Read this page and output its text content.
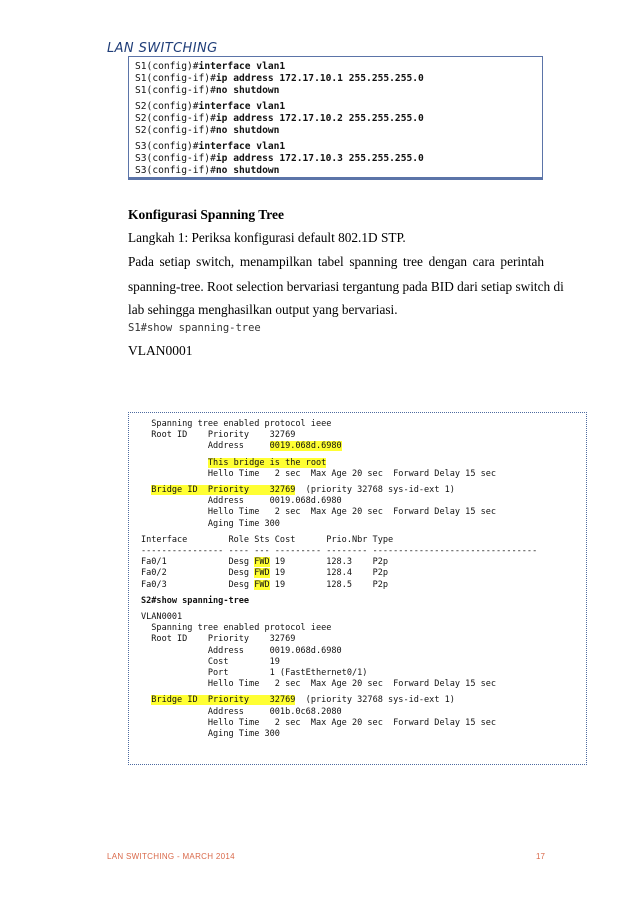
LAN SWITCHING
S1(config)#interface vlan1
S1(config-if)#ip address 172.17.10.1 255.255.255.0
S1(config-if)#no shutdown
S2(config)#interface vlan1
S2(config-if)#ip address 172.17.10.2 255.255.255.0
S2(config-if)#no shutdown
S3(config)#interface vlan1
S3(config-if)#ip address 172.17.10.3 255.255.255.0
S3(config-if)#no shutdown
Konfigurasi Spanning Tree
Langkah 1: Periksa konfigurasi default 802.1D STP.
Pada setiap switch, menampilkan tabel spanning tree dengan cara perintah
spanning-tree. Root selection bervariasi tergantung pada BID dari setiap switch di
lab sehingga menghasilkan output yang bervariasi.
S1#show spanning-tree
VLAN0001
Spanning tree enabled protocol ieee
Root ID    Priority    32769
Address     0019.068d.6980
This bridge is the root
Hello Time   2 sec  Max Age 20 sec  Forward Delay 15 sec
Bridge ID  Priority    32769  (priority 32768 sys-id-ext 1)
Address     0019.068d.6980
Hello Time   2 sec  Max Age 20 sec  Forward Delay 15 sec
Aging Time 300
Interface        Role Sts Cost      Prio.Nbr Type
---------------- ---- --- --------- -------- --------------------------------
Fa0/1            Desg FWD 19        128.3    P2p
Fa0/2            Desg FWD 19        128.4    P2p
Fa0/3            Desg FWD 19        128.5    P2p
S2#show spanning-tree
VLAN0001
Spanning tree enabled protocol ieee
Root ID    Priority    32769
Address     0019.068d.6980
Cost        19
Port        1 (FastEthernet0/1)
Hello Time   2 sec  Max Age 20 sec  Forward Delay 15 sec
Bridge ID  Priority    32769  (priority 32768 sys-id-ext 1)
Address     001b.0c68.2080
Hello Time   2 sec  Max Age 20 sec  Forward Delay 15 sec
Aging Time 300
LAN SWITCHING - MARCH 2014	17
